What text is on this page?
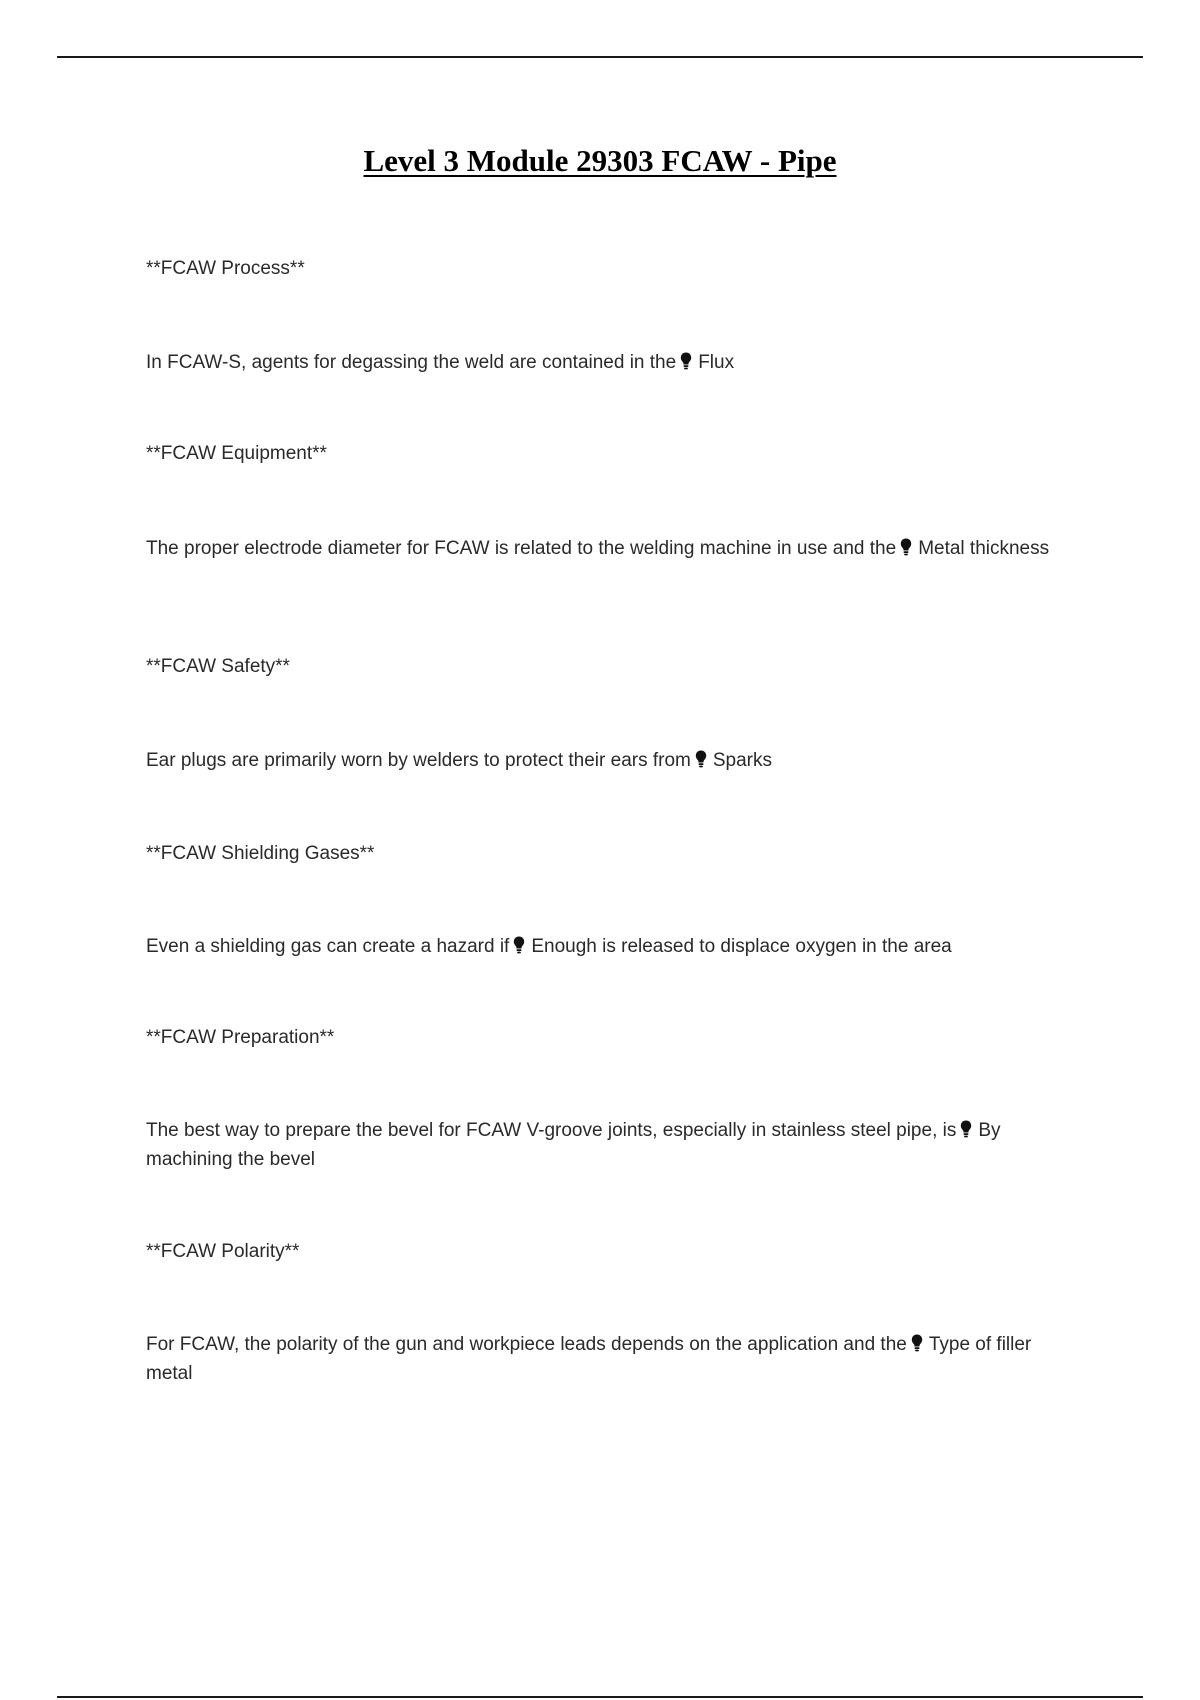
Level 3 Module 29303 FCAW - Pipe

**FCAW Process**

In FCAW-S, agents for degassing the weld are contained in the Flux

**FCAW Equipment**

The proper electrode diameter for FCAW is related to the welding machine in use and the Metal thickness

**FCAW Safety**

Ear plugs are primarily worn by welders to protect their ears from Sparks

**FCAW Shielding Gases**

Even a shielding gas can create a hazard if Enough is released to displace oxygen in the area

**FCAW Preparation**

The best way to prepare the bevel for FCAW V-groove joints, especially in stainless steel pipe, is By machining the bevel

**FCAW Polarity**

For FCAW, the polarity of the gun and workpiece leads depends on the application and the Type of filler metal
